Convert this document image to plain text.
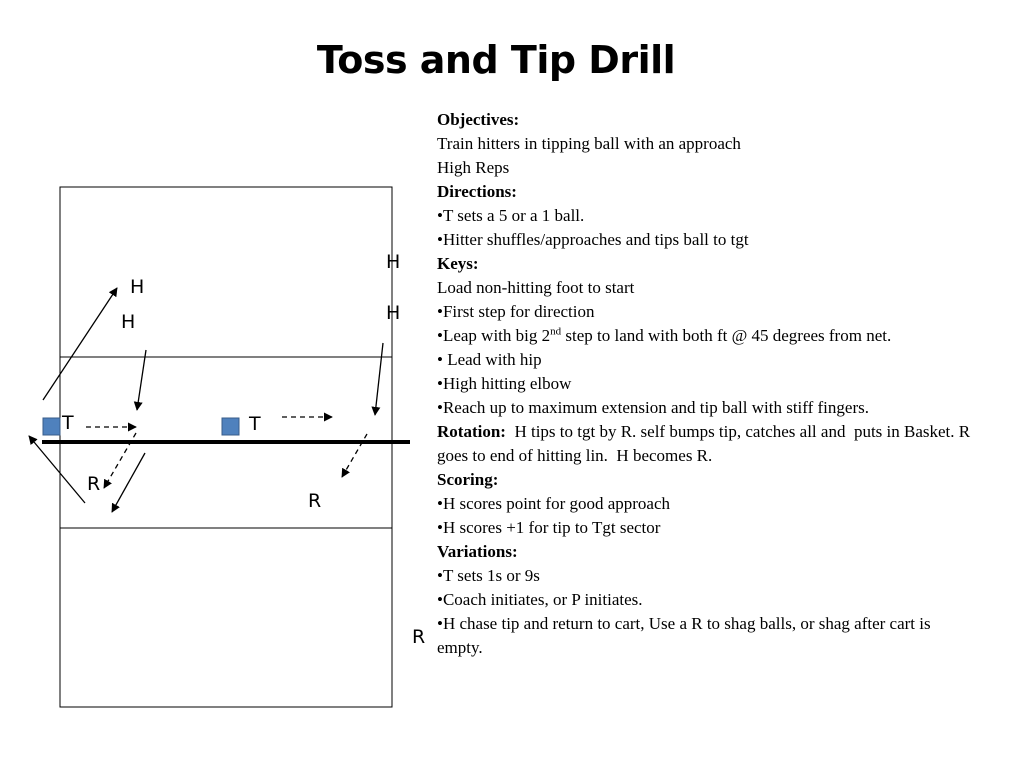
Toss and Tip Drill
H
H
H
H
T	T
R
R
R
Objectives:
Train hitters in tipping ball with an approach
High Reps
Directions:
•T sets a 5 or a 1 ball.
•Hitter shuffles/approaches and tips ball to tgt
Keys:
Load non-hitting foot to start
•First step for direction
•Leap with big 2nd step to land with both ft @ 45 degrees from net.
• Lead with hip
•High hitting elbow
•Reach up to maximum extension and tip ball with stiff fingers.
Rotation:  H tips to tgt by R. self bumps tip, catches all and  puts in Basket. R goes to end of hitting lin.  H becomes R.
Scoring:
•H scores point for good approach
•H scores +1 for tip to Tgt sector
Variations:
•T sets 1s or 9s
•Coach initiates, or P initiates.
•H chase tip and return to cart, Use a R to shag balls, or shag after cart is empty.
